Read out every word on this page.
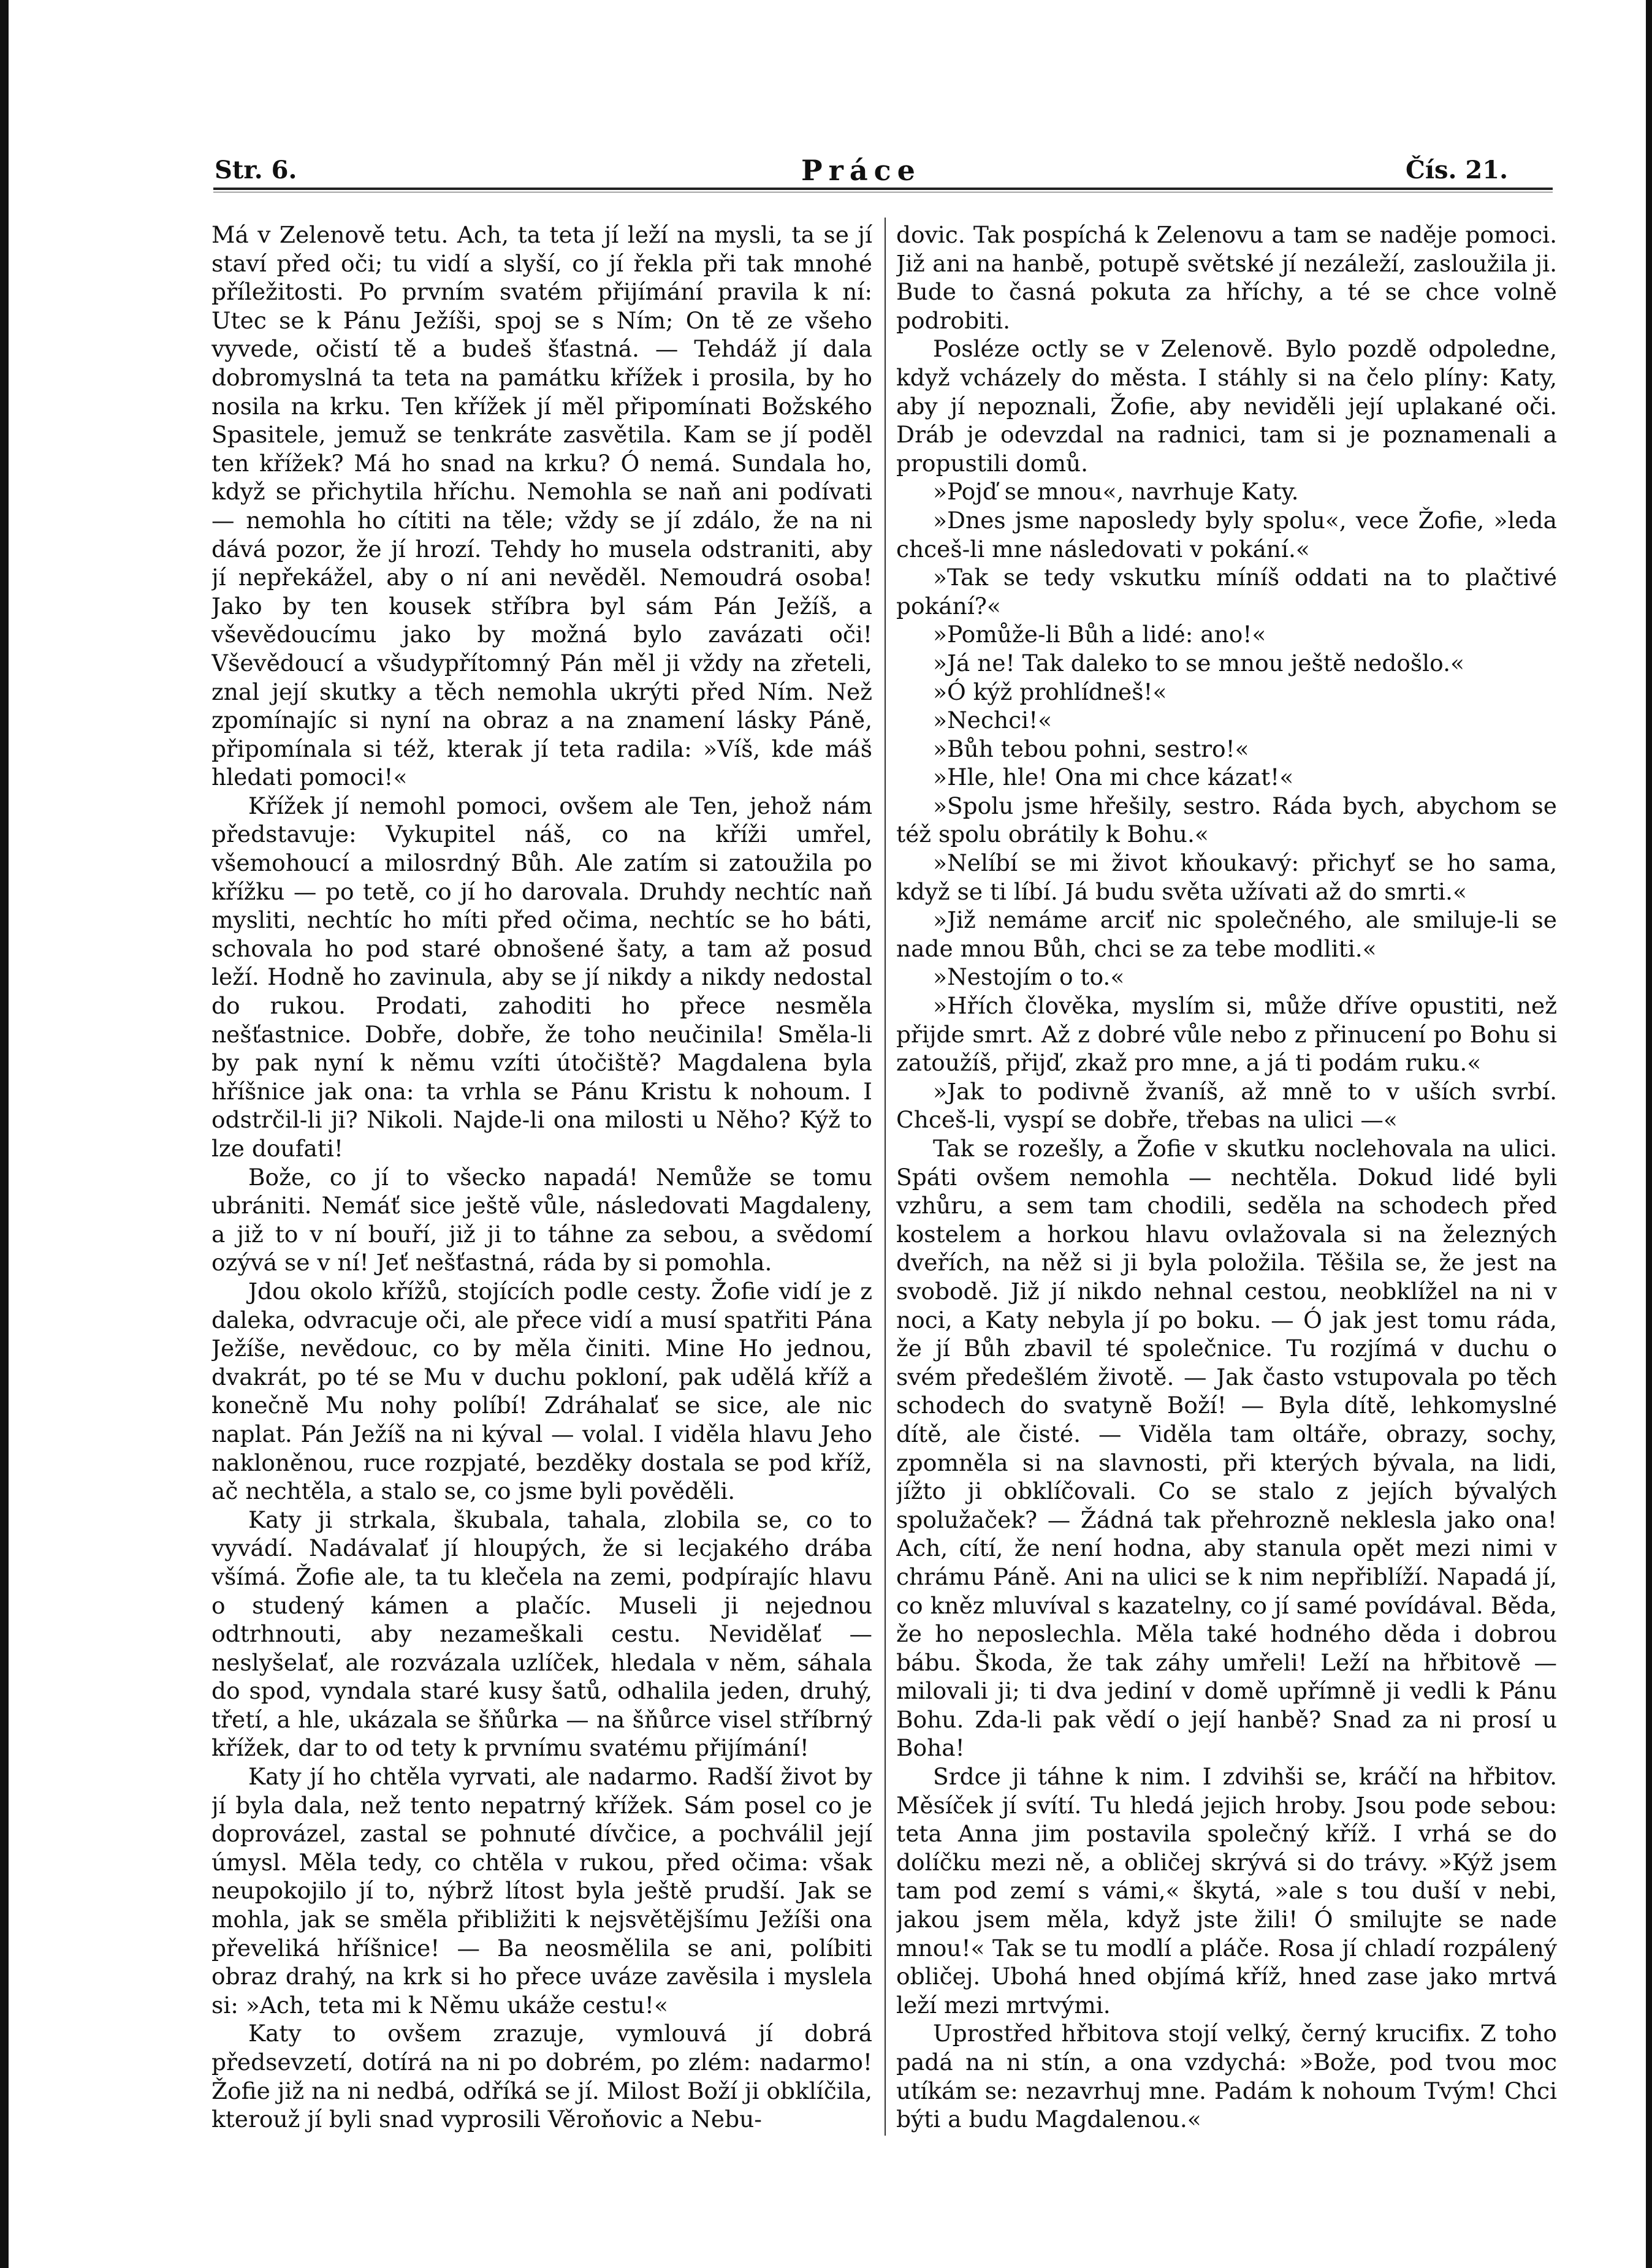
Str. 6.	Práce	Čís. 21.

Má v Zelenově tetu. Ach, ta teta jí leží na mysli, ta se jí staví před oči; tu vidí a slyší, co jí řekla při tak mnohé příležitosti. Po prvním svatém přijímání pravila k ní: Utec se k Pánu Ježíši, spoj se s Ním; On tě ze všeho vyvede, očistí tě a budeš šťastná. — Tehdáž jí dala dobromyslná ta teta na památku křížek i prosila, by ho nosila na krku. Ten křížek jí měl připomínati Božského Spasitele, jemuž se tenkráte zasvětila. Kam se jí poděl ten křížek? Má ho snad na krku? Ó nemá. Sundala ho, když se přichytila hříchu. Nemohla se naň ani podívati — nemohla ho cítiti na těle; vždy se jí zdálo, že na ni dává pozor, že jí hrozí. Tehdy ho musela odstraniti, aby jí nepřekážel, aby o ní ani nevěděl. Nemoudrá osoba! Jako by ten kousek stříbra byl sám Pán Ježíš, a vševědoucímu jako by možná bylo zavázati oči! Vševědoucí a všudypřítomný Pán měl ji vždy na zřeteli, znal její skutky a těch nemohla ukrýti před Ním. Než zpomínajíc si nyní na obraz a na znamení lásky Páně, připomínala si též, kterak jí teta radila: »Víš, kde máš hledati pomoci!«

Křížek jí nemohl pomoci, ovšem ale Ten, jehož nám představuje: Vykupitel náš, co na kříži umřel, všemohoucí a milosrdný Bůh. Ale zatím si zatoužila po křížku — po tetě, co jí ho darovala. Druhdy nechtíc naň mysliti, nechtíc ho míti před očima, nechtíc se ho báti, schovala ho pod staré obnošené šaty, a tam až posud leží. Hodně ho zavinula, aby se jí nikdy a nikdy nedostal do rukou. Prodati, zahoditi ho přece nesměla nešťastnice. Dobře, dobře, že toho neučinila! Směla-li by pak nyní k němu vzíti útočiště? Magdalena byla hříšnice jak ona: ta vrhla se Pánu Kristu k nohoum. I odstrčil-li ji? Nikoli. Najde-li ona milosti u Něho? Kýž to lze doufati!

Bože, co jí to všecko napadá! Nemůže se tomu ubrániti. Nemáť sice ještě vůle, následovati Magdaleny, a již to v ní bouří, již ji to táhne za sebou, a svědomí ozývá se v ní! Jeť nešťastná, ráda by si pomohla.

Jdou okolo křížů, stojících podle cesty. Žofie vidí je z daleka, odvracuje oči, ale přece vidí a musí spatřiti Pána Ježíše, nevědouc, co by měla činiti. Mine Ho jednou, dvakrát, po té se Mu v duchu pokloní, pak udělá kříž a konečně Mu nohy políbí! Zdráhalať se sice, ale nic naplat. Pán Ježíš na ni kýval — volal. I viděla hlavu Jeho nakloněnou, ruce rozpjaté, bezděky dostala se pod kříž, ač nechtěla, a stalo se, co jsme byli pověděli.

Katy ji strkala, škubala, tahala, zlobila se, co to vyvádí. Nadávalať jí hloupých, že si lecjakého drába všímá. Žofie ale, ta tu klečela na zemi, podpírajíc hlavu o studený kámen a plačíc. Museli ji nejednou odtrhnouti, aby nezameškali cestu. Nevidělať — neslyšelať, ale rozvázala uzlíček, hledala v něm, sáhala do spod, vyndala staré kusy šatů, odhalila jeden, druhý, třetí, a hle, ukázala se šňůrka — na šňůrce visel stříbrný křížek, dar to od tety k prvnímu svatému přijímání!

Katy jí ho chtěla vyrvati, ale nadarmo. Radší život by jí byla dala, než tento nepatrný křížek. Sám posel co je doprovázel, zastal se pohnuté dívčice, a pochválil její úmysl. Měla tedy, co chtěla v rukou, před očima: však neupokojilo jí to, nýbrž lítost byla ještě prudší. Jak se mohla, jak se směla přibližiti k nejsvětějšímu Ježíši ona převeliká hříšnice! — Ba neosmělila se ani, políbiti obraz drahý, na krk si ho přece uváze zavěsila i myslela si: »Ach, teta mi k Němu ukáže cestu!«

Katy to ovšem zrazuje, vymlouvá jí dobrá předsevzetí, dotírá na ni po dobrém, po zlém: nadarmo! Žofie již na ni nedbá, odříká se jí. Milost Boží ji obklíčila, kterouž jí byli snad vyprosili Věroňovic a Nebu-

dovic. Tak pospíchá k Zelenovu a tam se naděje pomoci. Již ani na hanbě, potupě světské jí nezáleží, zasloužila ji. Bude to časná pokuta za hříchy, a té se chce volně podrobiti.

Posléze octly se v Zelenově. Bylo pozdě odpoledne, když vcházely do města. I stáhly si na čelo plíny: Katy, aby jí nepoznali, Žofie, aby neviděli její uplakané oči. Dráb je odevzdal na radnici, tam si je poznamenali a propustili domů.

»Pojď se mnou«, navrhuje Katy.

»Dnes jsme naposledy byly spolu«, vece Žofie, »leda chceš-li mne následovati v pokání.«

»Tak se tedy vskutku míníš oddati na to plačtivé pokání?«

»Pomůže-li Bůh a lidé: ano!«

»Já ne! Tak daleko to se mnou ještě nedošlo.«

»Ó kýž prohlídneš!«

»Nechci!«

»Bůh tebou pohni, sestro!«

»Hle, hle! Ona mi chce kázat!«

»Spolu jsme hřešily, sestro. Ráda bych, abychom se též spolu obrátily k Bohu.«

»Nelíbí se mi život kňoukavý: přichyť se ho sama, když se ti líbí. Já budu světa užívati až do smrti.«

»Již nemáme arciť nic společného, ale smiluje-li se nade mnou Bůh, chci se za tebe modliti.«

»Nestojím o to.«

»Hřích člověka, myslím si, může dříve opustiti, než přijde smrt. Až z dobré vůle nebo z přinucení po Bohu si zatoužíš, přijď, zkaž pro mne, a já ti podám ruku.«

»Jak to podivně žvaníš, až mně to v uších svrbí. Chceš-li, vyspí se dobře, třebas na ulici —«

Tak se rozešly, a Žofie v skutku noclehovala na ulici. Spáti ovšem nemohla — nechtěla. Dokud lidé byli vzhůru, a sem tam chodili, seděla na schodech před kostelem a horkou hlavu ovlažovala si na železných dveřích, na něž si ji byla položila. Těšila se, že jest na svobodě. Již jí nikdo nehnal cestou, neobklížel na ni v noci, a Katy nebyla jí po boku. — Ó jak jest tomu ráda, že jí Bůh zbavil té společnice. Tu rozjímá v duchu o svém předešlém životě. — Jak často vstupovala po těch schodech do svatyně Boží! — Byla dítě, lehkomyslné dítě, ale čisté. — Viděla tam oltáře, obrazy, sochy, zpomněla si na slavnosti, při kterých bývala, na lidi, jížto ji obklíčovali. Co se stalo z jejích bývalých spolužaček? — Žádná tak přehrozně neklesla jako ona! Ach, cítí, že není hodna, aby stanula opět mezi nimi v chrámu Páně. Ani na ulici se k nim nepřiblíží. Napadá jí, co kněz mluvíval s kazatelny, co jí samé povídával. Běda, že ho neposlechla. Měla také hodného děda i dobrou bábu. Škoda, že tak záhy umřeli! Leží na hřbitově — milovali ji; ti dva jediní v domě upřímně ji vedli k Pánu Bohu. Zda-li pak vědí o její hanbě? Snad za ni prosí u Boha!

Srdce ji táhne k nim. I zdvihši se, kráčí na hřbitov. Měsíček jí svítí. Tu hledá jejich hroby. Jsou pode sebou: teta Anna jim postavila společný kříž. I vrhá se do dolíčku mezi ně, a obličej skrývá si do trávy. »Kýž jsem tam pod zemí s vámi,« škytá, »ale s tou duší v nebi, jakou jsem měla, když jste žili! Ó smilujte se nade mnou!« Tak se tu modlí a pláče. Rosa jí chladí rozpálený obličej. Ubohá hned objímá kříž, hned zase jako mrtvá leží mezi mrtvými.

Uprostřed hřbitova stojí velký, černý krucifix. Z toho padá na ni stín, a ona vzdychá: »Bože, pod tvou moc utíkám se: nezavrhuj mne. Padám k nohoum Tvým! Chci býti a budu Magdalenou.«
